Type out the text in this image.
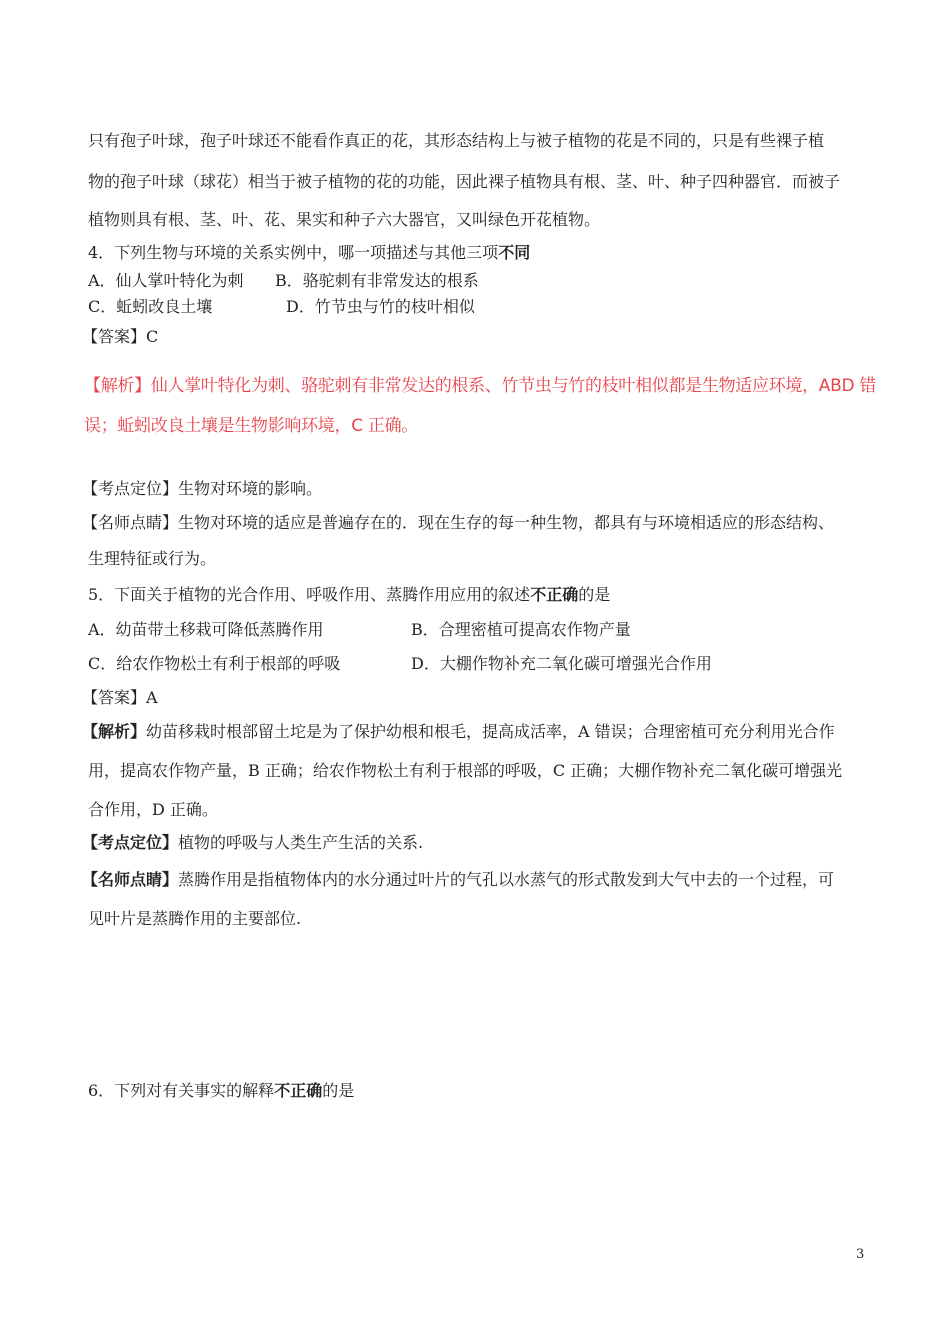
只有孢子叶球，孢子叶球还不能看作真正的花，其形态结构上与被子植物的花是不同的，只是有些裸子植
物的孢子叶球（球花）相当于被子植物的花的功能，因此裸子植物具有根、茎、叶、种子四种器官．而被子
植物则具有根、茎、叶、花、果实和种子六大器官，又叫绿色开花植物。
4．下列生物与环境的关系实例中，哪一项描述与其他三项不同
A．仙人掌叶特化为刺 B．骆驼刺有非常发达的根系
C．蚯蚓改良土壤	D．竹节虫与竹的枝叶相似
【答案】C
【解析】仙人掌叶特化为刺、骆驼刺有非常发达的根系、竹节虫与竹的枝叶相似都是生物适应环境，ABD 错
误；蚯蚓改良土壤是生物影响环境，C 正确。
【考点定位】生物对环境的影响。
【名师点睛】生物对环境的适应是普遍存在的．现在生存的每一种生物，都具有与环境相适应的形态结构、
生理特征或行为。
5．下面关于植物的光合作用、呼吸作用、蒸腾作用应用的叙述不正确的是
A．幼苗带土移栽可降低蒸腾作用	B．合理密植可提高农作物产量
C．给农作物松土有利于根部的呼吸	D．大棚作物补充二氧化碳可增强光合作用
【答案】A
【解析】幼苗移栽时根部留土坨是为了保护幼根和根毛，提高成活率，A 错误；合理密植可充分利用光合作
用，提高农作物产量，B 正确；给农作物松土有利于根部的呼吸，C 正确；大棚作物补充二氧化碳可增强光
合作用，D 正确。
【考点定位】植物的呼吸与人类生产生活的关系.
【名师点睛】蒸腾作用是指植物体内的水分通过叶片的气孔以水蒸气的形式散发到大气中去的一个过程，可
见叶片是蒸腾作用的主要部位.
6．下列对有关事实的解释不正确的是
3
